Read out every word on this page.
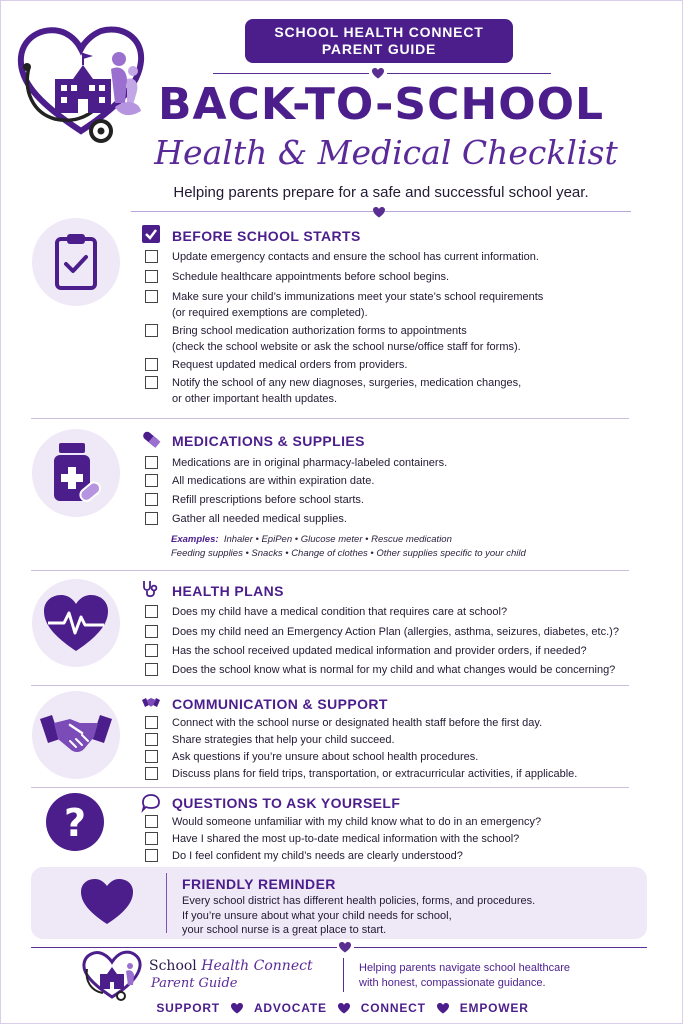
SCHOOL HEALTH CONNECT
PARENT GUIDE
BACK-TO-SCHOOL
Health & Medical Checklist
Helping parents prepare for a safe and successful school year.
BEFORE SCHOOL STARTS
Update emergency contacts and ensure the school has current information.
Schedule healthcare appointments before school begins.
Make sure your child’s immunizations meet your state’s school requirements
(or required exemptions are completed).
Bring school medication authorization forms to appointments
(check the school website or ask the school nurse/office staff for forms).
Request updated medical orders from providers.
Notify the school of any new diagnoses, surgeries, medication changes,
or other important health updates.
MEDICATIONS & SUPPLIES
Medications are in original pharmacy-labeled containers.
All medications are within expiration date.
Refill prescriptions before school starts.
Gather all needed medical supplies.
Examples: Inhaler • EpiPen • Glucose meter • Rescue medication
Feeding supplies • Snacks • Change of clothes • Other supplies specific to your child
HEALTH PLANS
Does my child have a medical condition that requires care at school?
Does my child need an Emergency Action Plan (allergies, asthma, seizures, diabetes, etc.)?
Has the school received updated medical information and provider orders, if needed?
Does the school know what is normal for my child and what changes would be concerning?
COMMUNICATION & SUPPORT
Connect with the school nurse or designated health staff before the first day.
Share strategies that help your child succeed.
Ask questions if you’re unsure about school health procedures.
Discuss plans for field trips, transportation, or extracurricular activities, if applicable.
?	QUESTIONS TO ASK YOURSELF
Would someone unfamiliar with my child know what to do in an emergency?
Have I shared the most up-to-date medical information with the school?
Do I feel confident my child’s needs are clearly understood?
FRIENDLY REMINDER
Every school district has different health policies, forms, and procedures.
If you’re unsure about what your child needs for school,
your school nurse is a great place to start.
School Health Connect
Parent Guide
Helping parents navigate school healthcare
with honest, compassionate guidance.
SUPPORT	ADVOCATE	CONNECT	EMPOWER
